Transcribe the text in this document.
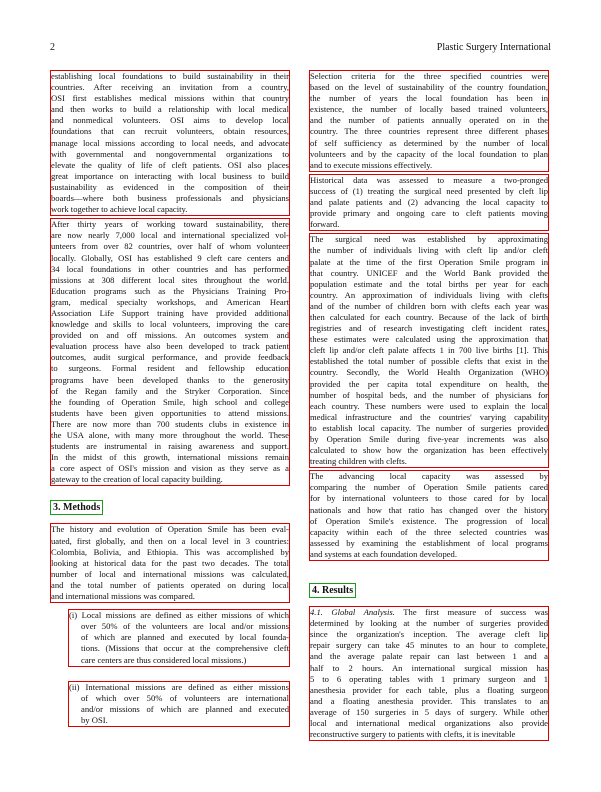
2	Plastic Surgery International
establishing local foundations to build sustainability in their
countries. After receiving an invitation from a country,
OSI first establishes medical missions within that country
and then works to build a relationship with local medical
and nonmedical volunteers. OSI aims to develop local
foundations that can recruit volunteers, obtain resources,
manage local missions according to local needs, and advocate
with governmental and nongovernmental organizations to
elevate the quality of life of cleft patients. OSI also places
great importance on interacting with local business to build
sustainability as evidenced in the composition of their
boards—where both business professionals and physicians
work together to achieve local capacity.
After thirty years of working toward sustainability, there
are now nearly 7,000 local and international specialized vol-
unteers from over 82 countries, over half of whom volunteer
locally. Globally, OSI has established 9 cleft care centers and
34 local foundations in other countries and has performed
missions at 308 different local sites throughout the world.
Education programs such as the Physicians Training Pro-
gram, medical specialty workshops, and American Heart
Association Life Support training have provided additional
knowledge and skills to local volunteers, improving the care
provided on and off missions. An outcomes system and
evaluation process have also been developed to track patient
outcomes, audit surgical performance, and provide feedback
to surgeons. Formal resident and fellowship education
programs have been developed thanks to the generosity
of the Regan family and the Stryker Corporation. Since
the founding of Operation Smile, high school and college
students have been given opportunities to attend missions.
There are now more than 700 students clubs in existence in
the USA alone, with many more throughout the world. These
students are instrumental in raising awareness and support.
In the midst of this growth, international missions remain
a core aspect of OSI's mission and vision as they serve as a
gateway to the creation of local capacity building.
3. Methods
The history and evolution of Operation Smile has been eval-
uated, first globally, and then on a local level in 3 countries:
Colombia, Bolivia, and Ethiopia. This was accomplished by
looking at historical data for the past two decades. The total
number of local and international missions was calculated,
and the total number of patients operated on during local
and international missions was compared.
(i) Local missions are defined as either missions of which
over 50% of the volunteers are local and/or missions
of which are planned and executed by local founda-
tions. (Missions that occur at the comprehensive cleft
care centers are thus considered local missions.)
(ii) International missions are defined as either missions
of which over 50% of volunteers are international
and/or missions of which are planned and executed
by OSI.
Selection criteria for the three specified countries were
based on the level of sustainability of the country foundation,
the number of years the local foundation has been in
existence, the number of locally based trained volunteers,
and the number of patients annually operated on in the
country. The three countries represent three different phases
of self sufficiency as determined by the number of local
volunteers and by the capacity of the local foundation to plan
and to execute missions effectively.
Historical data was assessed to measure a two-pronged
success of (1) treating the surgical need presented by cleft lip
and palate patients and (2) advancing the local capacity to
provide primary and ongoing care to cleft patients moving
forward.
The surgical need was established by approximating
the number of individuals living with cleft lip and/or cleft
palate at the time of the first Operation Smile program in
that country. UNICEF and the World Bank provided the
population estimate and the total births per year for each
country. An approximation of individuals living with clefts
and of the number of children born with clefts each year was
then calculated for each country. Because of the lack of birth
registries and of research investigating cleft incident rates,
these estimates were calculated using the approximation that
cleft lip and/or cleft palate affects 1 in 700 live births [1]. This
established the total number of possible clefts that exist in the
country. Secondly, the World Health Organization (WHO)
provided the per capita total expenditure on health, the
number of hospital beds, and the number of physicians for
each country. These numbers were used to explain the local
medical infrastructure and the countries' varying capability
to establish local capacity. The number of surgeries provided
by Operation Smile during five-year increments was also
calculated to show how the organization has been effectively
treating children with clefts.
The advancing local capacity was assessed by
comparing the number of Operation Smile patients cared
for by international volunteers to those cared for by local
nationals and how that ratio has changed over the history
of Operation Smile's existence. The progression of local
capacity within each of the three selected countries was
assessed by examining the establishment of local programs
and systems at each foundation developed.
4. Results
4.1. Global Analysis. The first measure of success was
determined by looking at the number of surgeries provided
since the organization's inception. The average cleft lip
repair surgery can take 45 minutes to an hour to complete,
and the average palate repair can last between 1 and a
half to 2 hours. An international surgical mission has
5 to 6 operating tables with 1 primary surgeon and 1
anesthesia provider for each table, plus a floating surgeon
and a floating anesthesia provider. This translates to an
average of 150 surgeries in 5 days of surgery. While other
local and international medical organizations also provide
reconstructive surgery to patients with clefts, it is inevitable
